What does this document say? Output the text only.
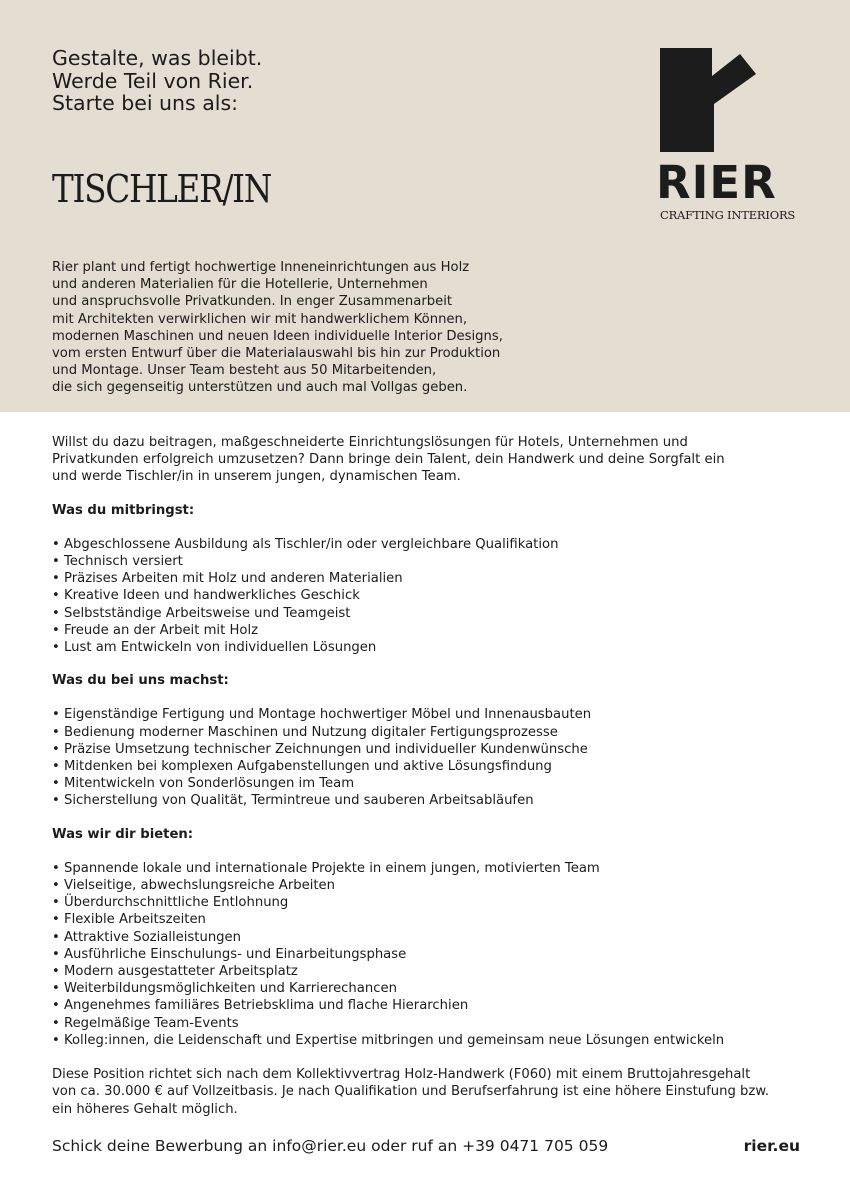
Gestalte, was bleibt.
Werde Teil von Rier.
Starte bei uns als:
TISCHLER/IN	RIER
CRAFTING INTERIORS
Rier plant und fertigt hochwertige Inneneinrichtungen aus Holz
und anderen Materialien für die Hotellerie, Unternehmen
und anspruchsvolle Privatkunden. In enger Zusammenarbeit
mit Architekten verwirklichen wir mit handwerklichem Können,
modernen Maschinen und neuen Ideen individuelle Interior Designs,
vom ersten Entwurf über die Materialauswahl bis hin zur Produktion
und Montage. Unser Team besteht aus 50 Mitarbeitenden,
die sich gegenseitig unterstützen und auch mal Vollgas geben.
Willst du dazu beitragen, maßgeschneiderte Einrichtungslösungen für Hotels, Unternehmen und
Privatkunden erfolgreich umzusetzen? Dann bringe dein Talent, dein Handwerk und deine Sorgfalt ein
und werde Tischler/in in unserem jungen, dynamischen Team.
Was du mitbringst:
• Abgeschlossene Ausbildung als Tischler/in oder vergleichbare Qualifikation
• Technisch versiert
• Präzises Arbeiten mit Holz und anderen Materialien
• Kreative Ideen und handwerkliches Geschick
• Selbstständige Arbeitsweise und Teamgeist
• Freude an der Arbeit mit Holz
• Lust am Entwickeln von individuellen Lösungen
Was du bei uns machst:
• Eigenständige Fertigung und Montage hochwertiger Möbel und Innenausbauten
• Bedienung moderner Maschinen und Nutzung digitaler Fertigungsprozesse
• Präzise Umsetzung technischer Zeichnungen und individueller Kundenwünsche
• Mitdenken bei komplexen Aufgabenstellungen und aktive Lösungsfindung
• Mitentwickeln von Sonderlösungen im Team
• Sicherstellung von Qualität, Termintreue und sauberen Arbeitsabläufen
Was wir dir bieten:
• Spannende lokale und internationale Projekte in einem jungen, motivierten Team
• Vielseitige, abwechslungsreiche Arbeiten
• Überdurchschnittliche Entlohnung
• Flexible Arbeitszeiten
• Attraktive Sozialleistungen
• Ausführliche Einschulungs- und Einarbeitungsphase
• Modern ausgestatteter Arbeitsplatz
• Weiterbildungsmöglichkeiten und Karrierechancen
• Angenehmes familiäres Betriebsklima und flache Hierarchien
• Regelmäßige Team-Events
• Kolleg:innen, die Leidenschaft und Expertise mitbringen und gemeinsam neue Lösungen entwickeln
Diese Position richtet sich nach dem Kollektivvertrag Holz-Handwerk (F060) mit einem Bruttojahresgehalt
von ca. 30.000 € auf Vollzeitbasis. Je nach Qualifikation und Berufserfahrung ist eine höhere Einstufung bzw.
ein höheres Gehalt möglich.
Schick deine Bewerbung an info@rier.eu oder ruf an +39 0471 705 059	rier.eu
